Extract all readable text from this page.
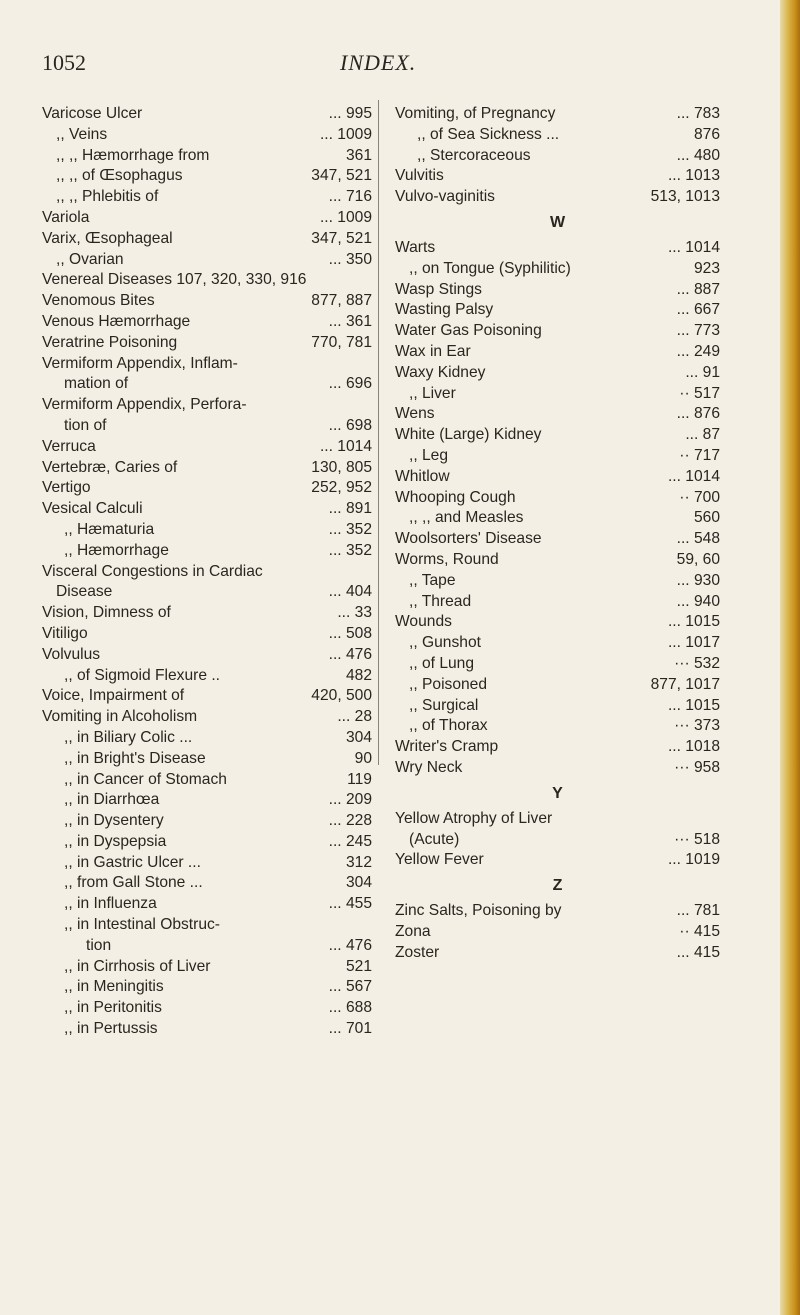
1052	INDEX.
Varicose Ulcer	... 995
,, Veins	... 1009
,, ,, Hæmorrhage from	361
,, ,, of Œsophagus	347, 521
,, ,, Phlebitis of	... 716
Variola	... 1009
Varix, Œsophageal	347, 521
,, Ovarian	... 350
Venereal Diseases 107, 320, 330, 916
Venomous Bites	877, 887
Venous Hæmorrhage	... 361
Veratrine Poisoning	770, 781
Vermiform Appendix, Inflam-
mation of	... 696
Vermiform Appendix, Perfora-
tion of	... 698
Verruca	... 1014
Vertebræ, Caries of	130, 805
Vertigo	252, 952
Vesical Calculi	... 891
,, Hæmaturia	... 352
,, Hæmorrhage	... 352
Visceral Congestions in Cardiac
Disease	... 404
Vision, Dimness of	... 33
Vitiligo	... 508
Volvulus	... 476
,, of Sigmoid Flexure ..	482
Voice, Impairment of	420, 500
Vomiting in Alcoholism	... 28
,, in Biliary Colic ...	304
,, in Bright's Disease	90
,, in Cancer of Stomach	119
,, in Diarrhœa	... 209
,, in Dysentery	... 228
,, in Dyspepsia	... 245
,, in Gastric Ulcer ...	312
,, from Gall Stone ...	304
,, in Influenza	... 455
,, in Intestinal Obstruc-
tion	... 476
,, in Cirrhosis of Liver	521
,, in Meningitis	... 567
,, in Peritonitis	... 688
,, in Pertussis	... 701
Vomiting, of Pregnancy	... 783
,, of Sea Sickness ...	876
,, Stercoraceous	... 480
Vulvitis	... 1013
Vulvo-vaginitis	513, 1013
W
Warts	... 1014
,, on Tongue (Syphilitic)	923
Wasp Stings	... 887
Wasting Palsy	... 667
Water Gas Poisoning	... 773
Wax in Ear	... 249
Waxy Kidney	... 91
,, Liver	·· 517
Wens	... 876
White (Large) Kidney	... 87
,, Leg	·· 717
Whitlow	... 1014
Whooping Cough	·· 700
,, ,, and Measles	560
Woolsorters' Disease	... 548
Worms, Round	59, 60
,, Tape	... 930
,, Thread	... 940
Wounds	... 1015
,, Gunshot	... 1017
,, of Lung	··· 532
,, Poisoned	877, 1017
,, Surgical	... 1015
,, of Thorax	··· 373
Writer's Cramp	... 1018
Wry Neck	··· 958
Y
Yellow Atrophy of Liver
(Acute)	··· 518
Yellow Fever	... 1019
Z
Zinc Salts, Poisoning by	... 781
Zona	·· 415
Zoster	... 415
